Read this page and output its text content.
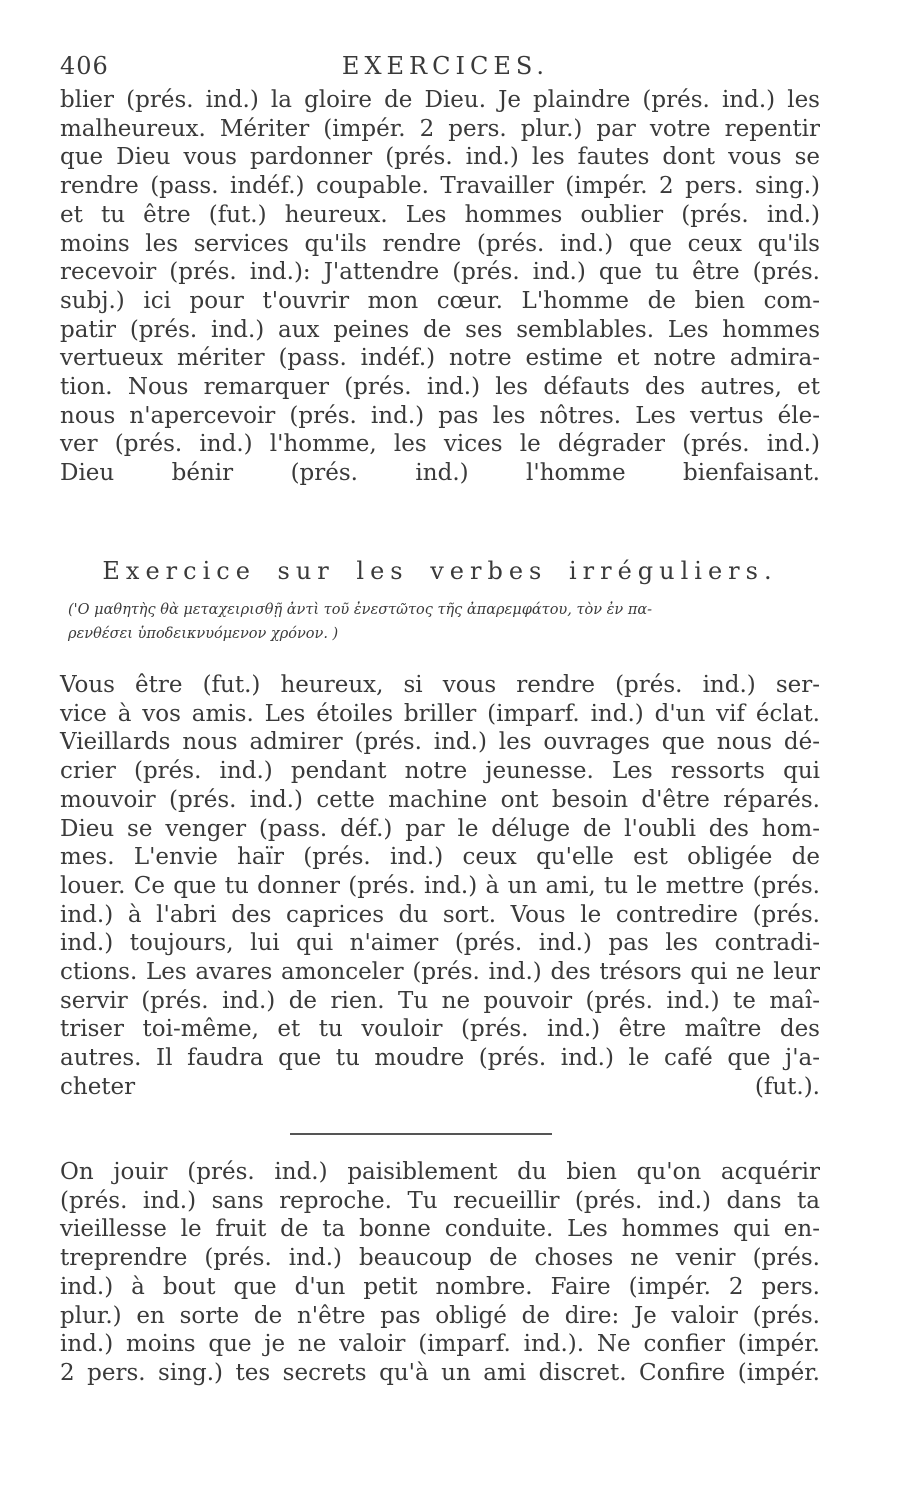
406	EXERCICES.
blier (prés. ind.) la gloire de Dieu. Je plaindre (prés. ind.) les
malheureux. Mériter (impér. 2 pers. plur.) par votre repentir
que Dieu vous pardonner (prés. ind.) les fautes dont vous se
rendre (pass. indéf.) coupable. Travailler (impér. 2 pers. sing.)
et tu être (fut.) heureux. Les hommes oublier (prés. ind.)
moins les services qu'ils rendre (prés. ind.) que ceux qu'ils
recevoir (prés. ind.): J'attendre (prés. ind.) que tu être (prés.
subj.) ici pour t'ouvrir mon cœur. L'homme de bien com-
patir (prés. ind.) aux peines de ses semblables. Les hommes
vertueux mériter (pass. indéf.) notre estime et notre admira-
tion. Nous remarquer (prés. ind.) les défauts des autres, et
nous n'apercevoir (prés. ind.) pas les nôtres. Les vertus éle-
ver (prés. ind.) l'homme, les vices le dégrader (prés. ind.)
Dieu bénir (prés. ind.) l'homme bienfaisant.
Exercice sur les verbes irréguliers.
('Ο μαθητὴς θὰ μεταχειρισθῇ ἀντὶ τοῦ ἐνεστῶτος τῆς ἀπαρεμφάτου, τὸν ἐν πα-
ρενθέσει ὑποδεικνυόμενον χρόνον. )
Vous être (fut.) heureux, si vous rendre (prés. ind.) ser-
vice à vos amis. Les étoiles briller (imparf. ind.) d'un vif éclat.
Vieillards nous admirer (prés. ind.) les ouvrages que nous dé-
crier (prés. ind.) pendant notre jeunesse. Les ressorts qui
mouvoir (prés. ind.) cette machine ont besoin d'être réparés.
Dieu se venger (pass. déf.) par le déluge de l'oubli des hom-
mes. L'envie haïr (prés. ind.) ceux qu'elle est obligée de
louer. Ce que tu donner (prés. ind.) à un ami, tu le mettre (prés.
ind.) à l'abri des caprices du sort. Vous le contredire (prés.
ind.) toujours, lui qui n'aimer (prés. ind.) pas les contradi-
ctions. Les avares amonceler (prés. ind.) des trésors qui ne leur
servir (prés. ind.) de rien. Tu ne pouvoir (prés. ind.) te maî-
triser toi-même, et tu vouloir (prés. ind.) être maître des
autres. Il faudra que tu moudre (prés. ind.) le café que j'a-
cheter (fut.).
On jouir (prés. ind.) paisiblement du bien qu'on acquérir
(prés. ind.) sans reproche. Tu recueillir (prés. ind.) dans ta
vieillesse le fruit de ta bonne conduite. Les hommes qui en-
treprendre (prés. ind.) beaucoup de choses ne venir (prés.
ind.) à bout que d'un petit nombre. Faire (impér. 2 pers.
plur.) en sorte de n'être pas obligé de dire: Je valoir (prés.
ind.) moins que je ne valoir (imparf. ind.). Ne confier (impér.
2 pers. sing.) tes secrets qu'à un ami discret. Confire (impér.
